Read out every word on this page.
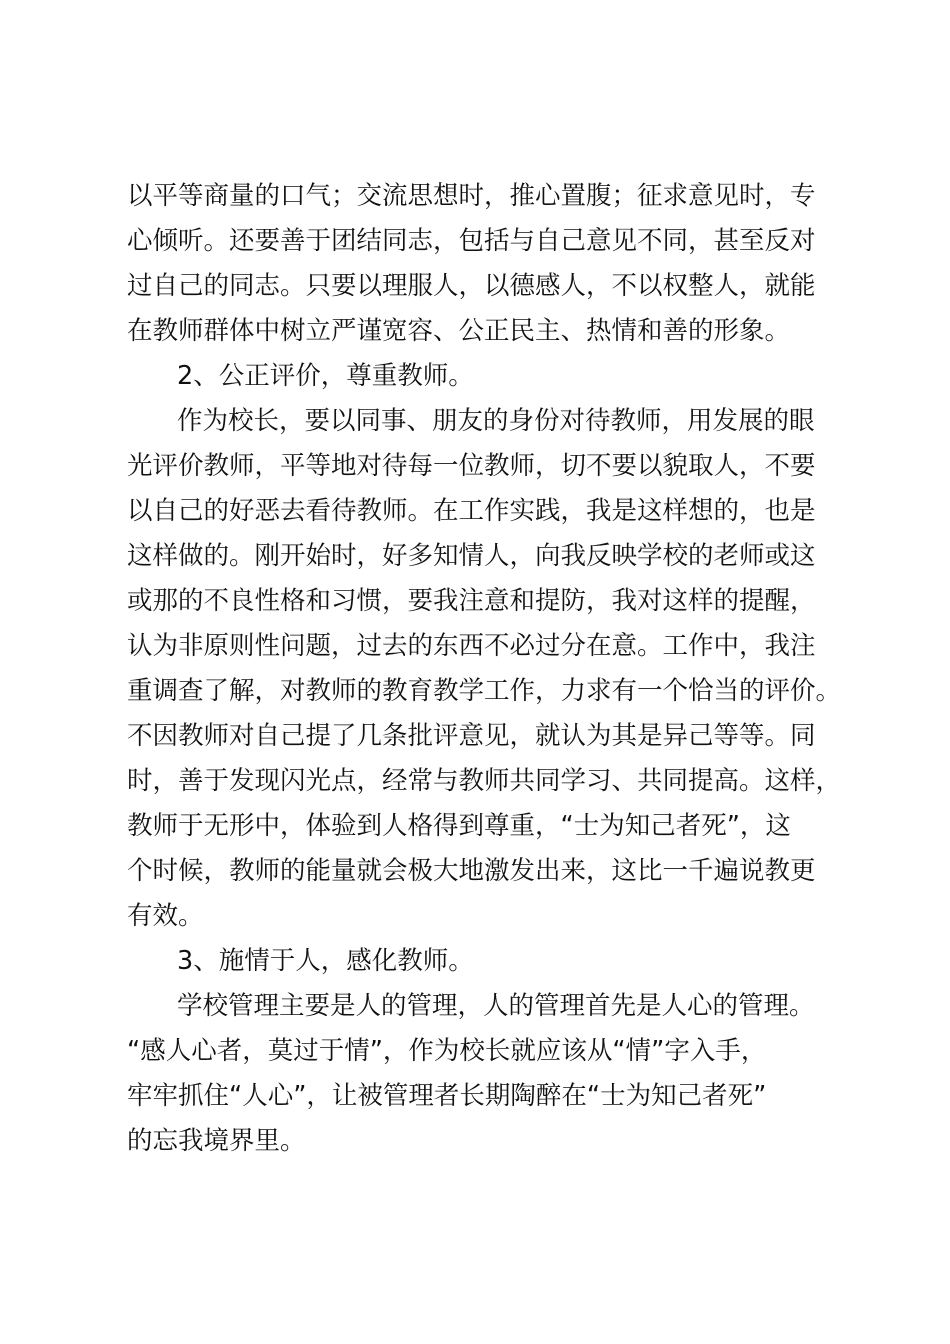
以平等商量的口气；交流思想时，推心置腹；征求意见时，专
心倾听。还要善于团结同志，包括与自己意见不同，甚至反对
过自己的同志。只要以理服人，以德感人，不以权整人，就能
在教师群体中树立严谨宽容、公正民主、热情和善的形象。
2、公正评价，尊重教师。
作为校长，要以同事、朋友的身份对待教师，用发展的眼
光评价教师，平等地对待每一位教师，切不要以貌取人，不要
以自己的好恶去看待教师。在工作实践，我是这样想的，也是
这样做的。刚开始时，好多知情人，向我反映学校的老师或这
或那的不良性格和习惯，要我注意和提防，我对这样的提醒，
认为非原则性问题，过去的东西不必过分在意。工作中，我注
重调查了解，对教师的教育教学工作，力求有一个恰当的评价。
不因教师对自己提了几条批评意见，就认为其是异己等等。同
时，善于发现闪光点，经常与教师共同学习、共同提高。这样，
教师于无形中，体验到人格得到尊重，“士为知己者死”，这
个时候，教师的能量就会极大地激发出来，这比一千遍说教更
有效。
3、施情于人，感化教师。
学校管理主要是人的管理，人的管理首先是人心的管理。
“感人心者，莫过于情”，作为校长就应该从“情”字入手，
牢牢抓住“人心”，让被管理者长期陶醉在“士为知己者死”
的忘我境界里。
